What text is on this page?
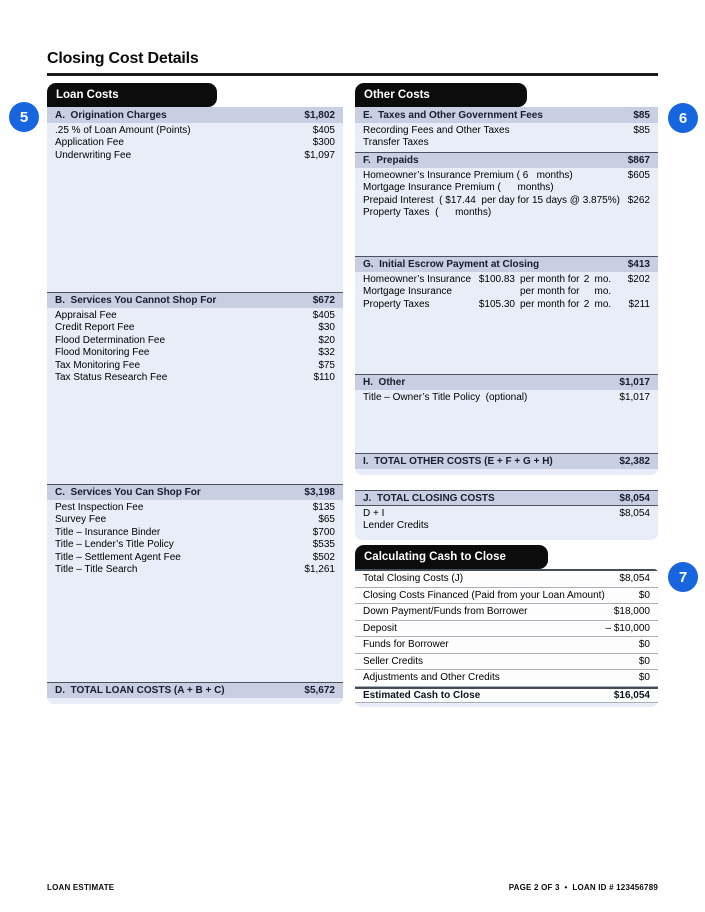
Closing Cost Details
Loan Costs
A.  Origination Charges	$1,802
.25 % of Loan Amount (Points)	$405
Application Fee	$300
Underwriting Fee	$1,097
B.  Services You Cannot Shop For	$672
Appraisal Fee	$405
Credit Report Fee	$30
Flood Determination Fee	$20
Flood Monitoring Fee	$32
Tax Monitoring Fee	$75
Tax Status Research Fee	$110
C.  Services You Can Shop For	$3,198
Pest Inspection Fee	$135
Survey Fee	$65
Title – Insurance Binder	$700
Title – Lender’s Title Policy	$535
Title – Settlement Agent Fee	$502
Title – Title Search	$1,261
D.  TOTAL LOAN COSTS (A + B + C)	$5,672
Other Costs
E.  Taxes and Other Government Fees	$85
Recording Fees and Other Taxes	$85
Transfer Taxes
F.  Prepaids	$867
Homeowner’s Insurance Premium ( 6   months)	$605
Mortgage Insurance Premium (      months)
Prepaid Interest  ( $17.44  per day for 15 days @ 3.875%) $262
Property Taxes  (      months)
G.  Initial Escrow Payment at Closing	$413
Homeowner’s Insurance $100.83 per month for 2 mo. $202
Mortgage Insurance	per month for mo.
Property Taxes	$105.30 per month for 2 mo. $211
H.  Other	$1,017
Title – Owner’s Title Policy  (optional)	$1,017
I.  TOTAL OTHER COSTS (E + F + G + H)	$2,382
J.  TOTAL CLOSING COSTS	$8,054
D + I	$8,054
Lender Credits
Calculating Cash to Close
Total Closing Costs (J)	$8,054
Closing Costs Financed (Paid from your Loan Amount)	$0
Down Payment/Funds from Borrower	$18,000
Deposit	– $10,000
Funds for Borrower	$0
Seller Credits	$0
Adjustments and Other Credits	$0
Estimated Cash to Close	$16,054
5	6
7
LOAN ESTIMATE	PAGE 2 OF 3  •  LOAN ID # 123456789
